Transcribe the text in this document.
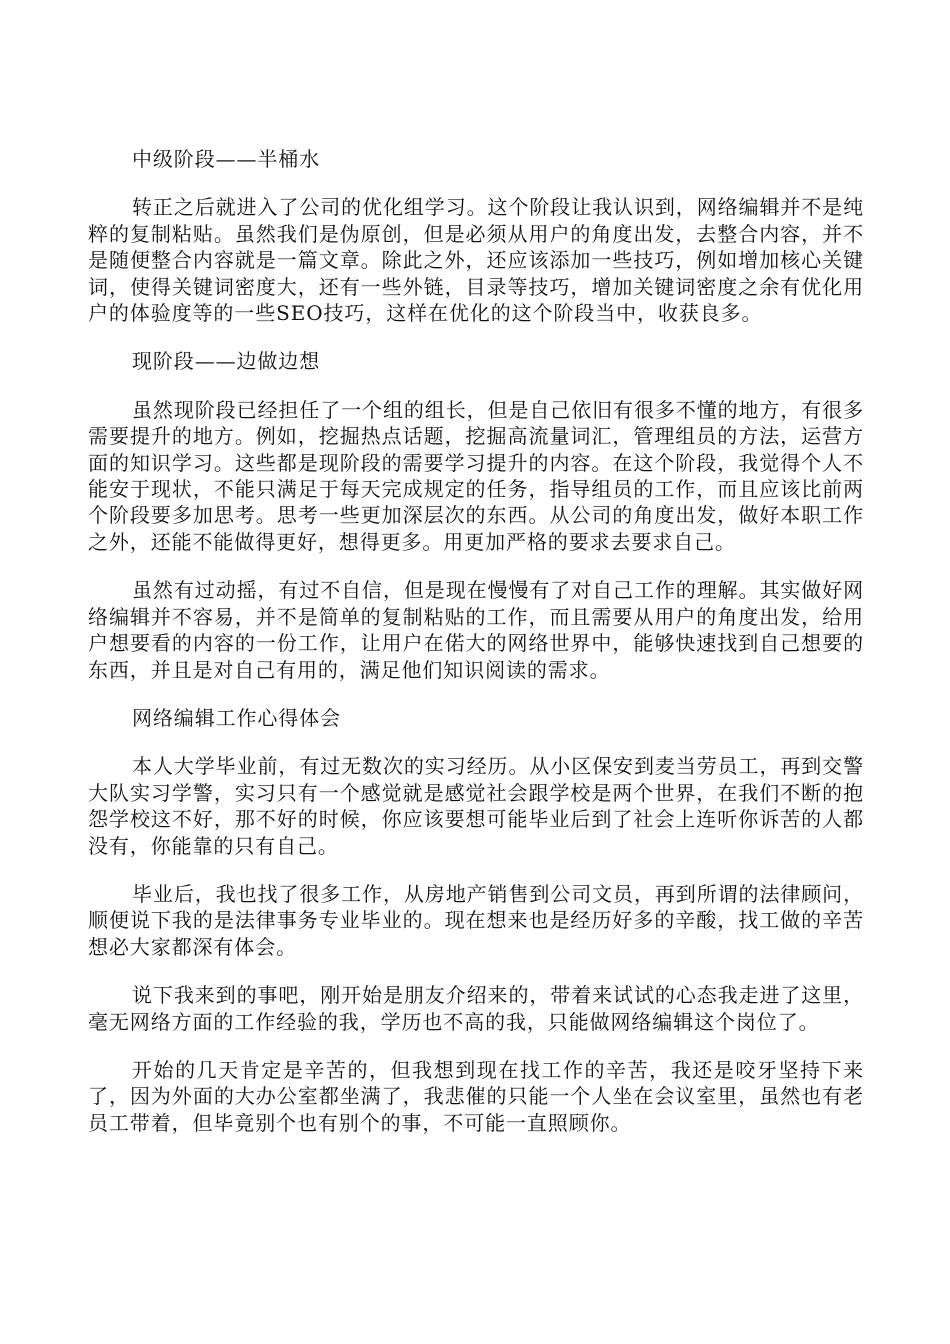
中级阶段——半桶水

转正之后就进入了公司的优化组学习。这个阶段让我认识到，网络编辑并不是纯粹的复制粘贴。虽然我们是伪原创，但是必须从用户的角度出发，去整合内容，并不是随便整合内容就是一篇文章。除此之外，还应该添加一些技巧，例如增加核心关键词，使得关键词密度大，还有一些外链，目录等技巧，增加关键词密度之余有优化用户的体验度等的一些SEO技巧，这样在优化的这个阶段当中，收获良多。

现阶段——边做边想

虽然现阶段已经担任了一个组的组长，但是自己依旧有很多不懂的地方，有很多需要提升的地方。例如，挖掘热点话题，挖掘高流量词汇，管理组员的方法，运营方面的知识学习。这些都是现阶段的需要学习提升的内容。在这个阶段，我觉得个人不能安于现状，不能只满足于每天完成规定的任务，指导组员的工作，而且应该比前两个阶段要多加思考。思考一些更加深层次的东西。从公司的角度出发，做好本职工作之外，还能不能做得更好，想得更多。用更加严格的要求去要求自己。

虽然有过动摇，有过不自信，但是现在慢慢有了对自己工作的理解。其实做好网络编辑并不容易，并不是简单的复制粘贴的工作，而且需要从用户的角度出发，给用户想要看的内容的一份工作，让用户在偌大的网络世界中，能够快速找到自己想要的东西，并且是对自己有用的，满足他们知识阅读的需求。

网络编辑工作心得体会

本人大学毕业前，有过无数次的实习经历。从小区保安到麦当劳员工，再到交警大队实习学警，实习只有一个感觉就是感觉社会跟学校是两个世界，在我们不断的抱怨学校这不好，那不好的时候，你应该要想可能毕业后到了社会上连听你诉苦的人都没有，你能靠的只有自己。

毕业后，我也找了很多工作，从房地产销售到公司文员，再到所谓的法律顾问，顺便说下我的是法律事务专业毕业的。现在想来也是经历好多的辛酸，找工做的辛苦想必大家都深有体会。

说下我来到的事吧，刚开始是朋友介绍来的，带着来试试的心态我走进了这里，毫无网络方面的工作经验的我，学历也不高的我，只能做网络编辑这个岗位了。

开始的几天肯定是辛苦的，但我想到现在找工作的辛苦，我还是咬牙坚持下来了，因为外面的大办公室都坐满了，我悲催的只能一个人坐在会议室里，虽然也有老员工带着，但毕竟别个也有别个的事，不可能一直照顾你。
